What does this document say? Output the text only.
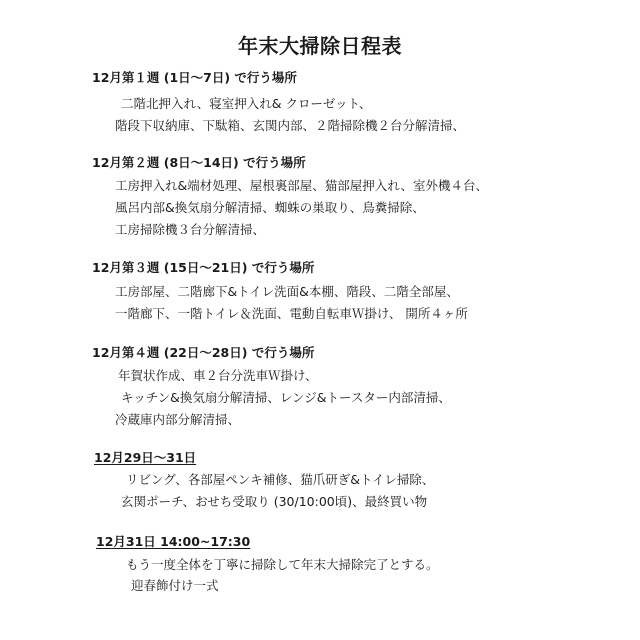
年末大掃除日程表
12月第１週 (1日〜7日) で行う場所
二階北押入れ、寝室押入れ& クローゼット、
階段下収納庫、下駄箱、玄関内部、２階掃除機２台分解清掃、
12月第２週 (8日〜14日) で行う場所
工房押入れ&端材処理、屋根裏部屋、猫部屋押入れ、室外機４台、
風呂内部&換気扇分解清掃、蜘蛛の巣取り、鳥糞掃除、
工房掃除機３台分解清掃、
12月第３週 (15日〜21日) で行う場所
工房部屋、二階廊下&トイレ洗面&本棚、階段、二階全部屋、
一階廊下、一階トイレ＆洗面、電動自転車Ｗ掛け、 開所４ヶ所
12月第４週 (22日〜28日) で行う場所
年賀状作成、車２台分洗車Ｗ掛け、
キッチン&換気扇分解清掃、レンジ&トースター内部清掃、
冷蔵庫内部分解清掃、
12月29日〜31日
リビング、各部屋ペンキ補修、猫爪研ぎ&トイレ掃除、
玄関ポーチ、おせち受取り (30/10:00頃)、最終買い物
12月31日 14:00~17:30
もう一度全体を丁寧に掃除して年末大掃除完了とする。
迎春飾付け一式
